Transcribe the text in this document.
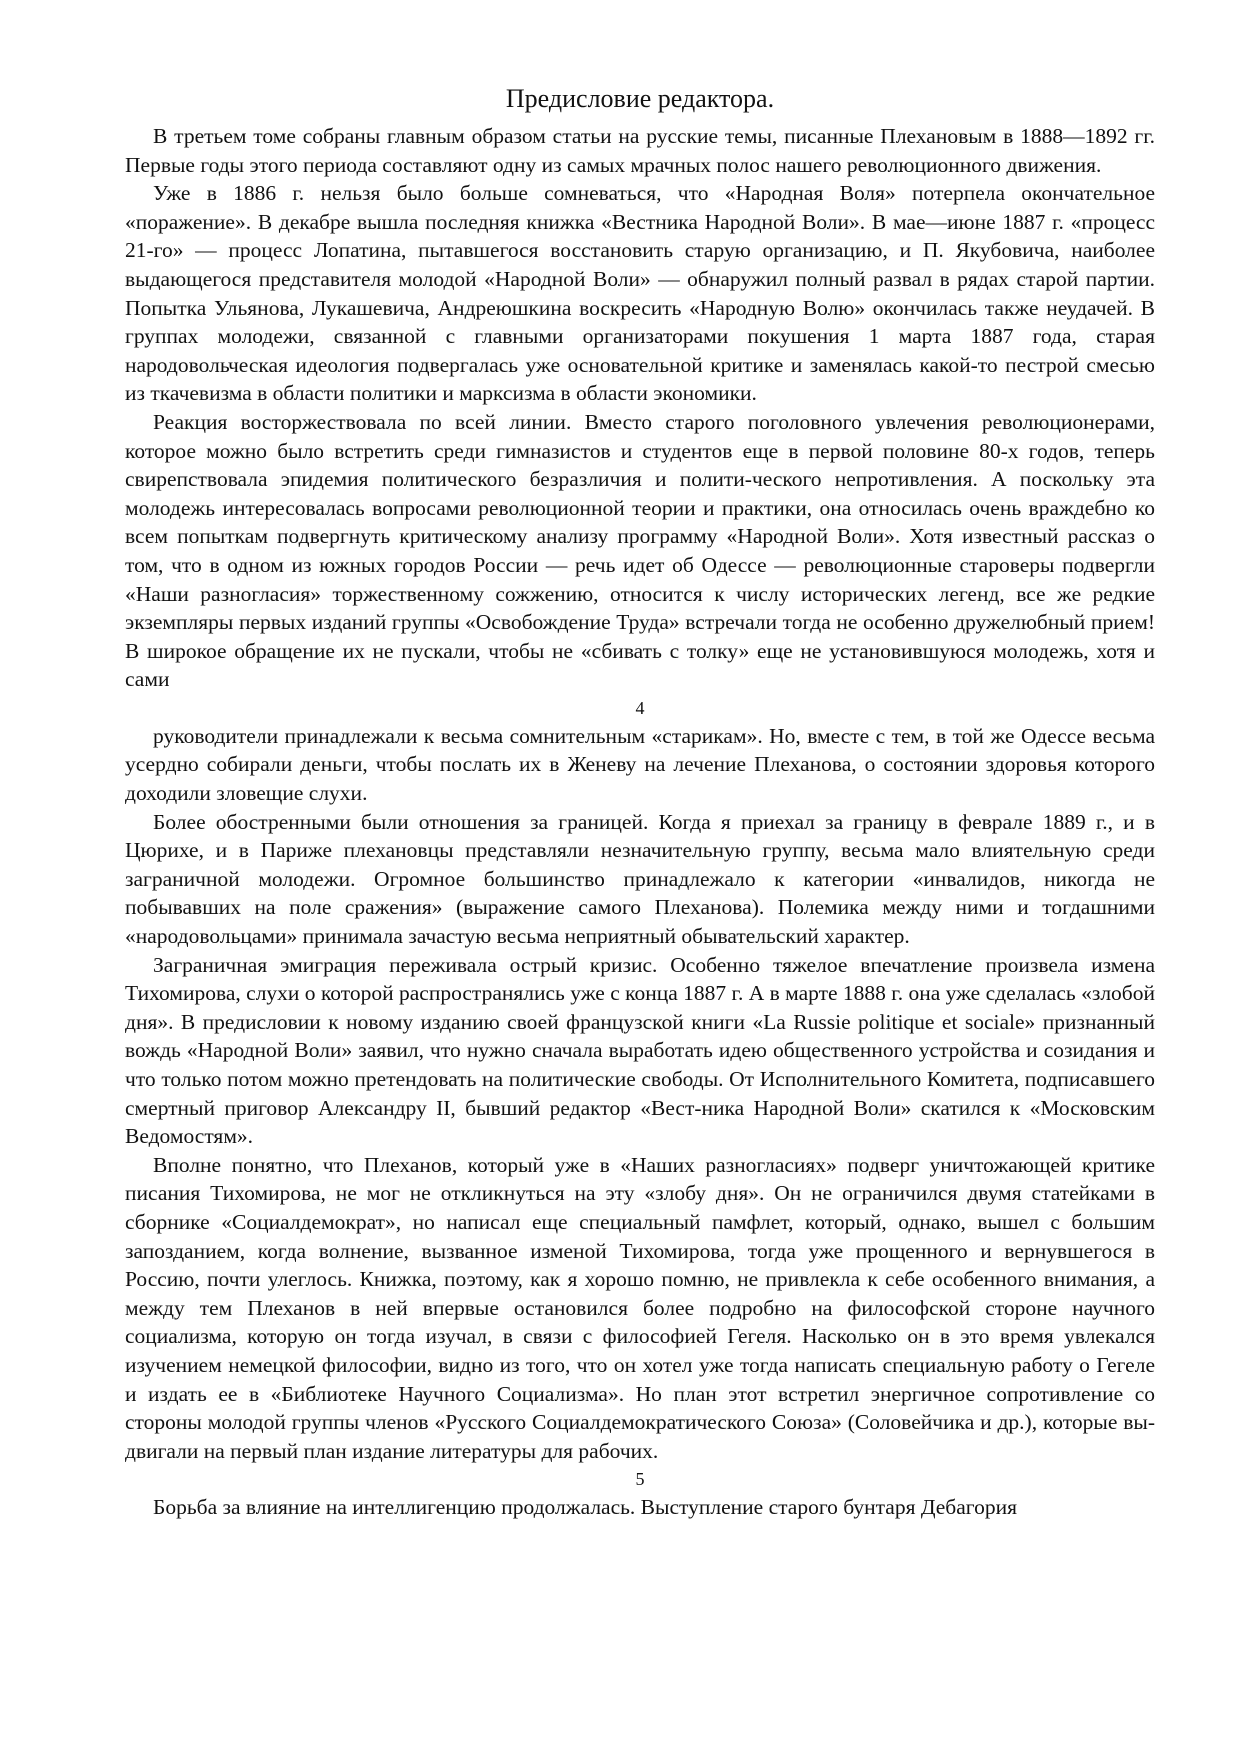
Предисловие редактора.

В третьем томе собраны главным образом статьи на русские темы, писанные Плехановым в 1888—1892 гг. Первые годы этого периода составляют одну из самых мрачных полос нашего революционного движения.

Уже в 1886 г. нельзя было больше сомневаться, что «Народная Воля» потерпела окончательное «поражение». В декабре вышла последняя книжка «Вестника Народной Воли». В мае—июне 1887 г. «процесс 21-го» — процесс Лопатина, пытавшегося восстановить старую организацию, и П. Якубовича, наиболее выдающегося представителя молодой «Народной Воли» — обнаружил полный развал в рядах старой партии. Попытка Ульянова, Лукашевича, Андреюшкина воскресить «Народную Волю» окончилась также неудачей. В группах молодежи, связанной с главными организаторами покушения 1 марта 1887 года, старая народовольческая идеология подвергалась уже основательной критике и заменялась какой-то пестрой смесью из ткачевизма в области политики и марксизма в области экономики.

Реакция восторжествовала по всей линии. Вместо старого поголовного увлечения революционерами, которое можно было встретить среди гимназистов и студентов еще в первой половине 80-х годов, теперь свирепствовала эпидемия политического безразличия и полити-ческого непротивления. А поскольку эта молодежь интересовалась вопросами революционной теории и практики, она относилась очень враждебно ко всем попыткам подвергнуть критическому анализу программу «Народной Воли». Хотя известный рассказ о том, что в одном из южных городов России — речь идет об Одессе — революционные староверы подвергли «Наши разногласия» торжественному сожжению, относится к числу исторических легенд, все же редкие экземпляры первых изданий группы «Освобождение Труда» встречали тогда не особенно дружелюбный прием! В широкое обращение их не пускали, чтобы не «сбивать с толку» еще не установившуюся молодежь, хотя и сами

4

руководители принадлежали к весьма сомнительным «старикам». Но, вместе с тем, в той же Одессе весьма усердно собирали деньги, чтобы послать их в Женеву на лечение Плеханова, о состоянии здоровья которого доходили зловещие слухи.

Более обостренными были отношения за границей. Когда я приехал за границу в феврале 1889 г., и в Цюрихе, и в Париже плехановцы представляли незначительную группу, весьма мало влиятельную среди заграничной молодежи. Огромное большинство принадлежало к категории «инвалидов, никогда не побывавших на поле сражения» (выражение самого Плеханова). Полемика между ними и тогдашними «народовольцами» принимала зачастую весьма неприятный обывательский характер.

Заграничная эмиграция переживала острый кризис. Особенно тяжелое впечатление произвела измена Тихомирова, слухи о которой распространялись уже с конца 1887 г. А в марте 1888 г. она уже сделалась «злобой дня». В предисловии к новому изданию своей французской книги «La Russie politique et sociale» признанный вождь «Народной Воли» заявил, что нужно сначала выработать идею общественного устройства и созидания и что только потом можно претендовать на политические свободы. От Исполнительного Комитета, подписавшего смертный приговор Александру II, бывший редактор «Вест-ника Народной Воли» скатился к «Московским Ведомостям».

Вполне понятно, что Плеханов, который уже в «Наших разногласиях» подверг уничтожающей критике писания Тихомирова, не мог не откликнуться на эту «злобу дня». Он не ограничился двумя статейками в сборнике «Социалдемократ», но написал еще специальный памфлет, который, однако, вышел с большим запозданием, когда волнение, вызванное изменой Тихомирова, тогда уже прощенного и вернувшегося в Россию, почти улеглось. Книжка, поэтому, как я хорошо помню, не привлекла к себе особенного внимания, а между тем Плеханов в ней впервые остановился более подробно на философской стороне научного социализма, которую он тогда изучал, в связи с философией Гегеля. Насколько он в это время увлекался изучением немецкой философии, видно из того, что он хотел уже тогда написать специальную работу о Гегеле и издать ее в «Библиотеке Научного Социализма». Но план этот встретил энергичное сопротивление со стороны молодой группы членов «Русского Социалдемократического Союза» (Соловейчика и др.), которые вы-двигали на первый план издание литературы для рабочих.

5

Борьба за влияние на интеллигенцию продолжалась. Выступление старого бунтаря Дебагория
